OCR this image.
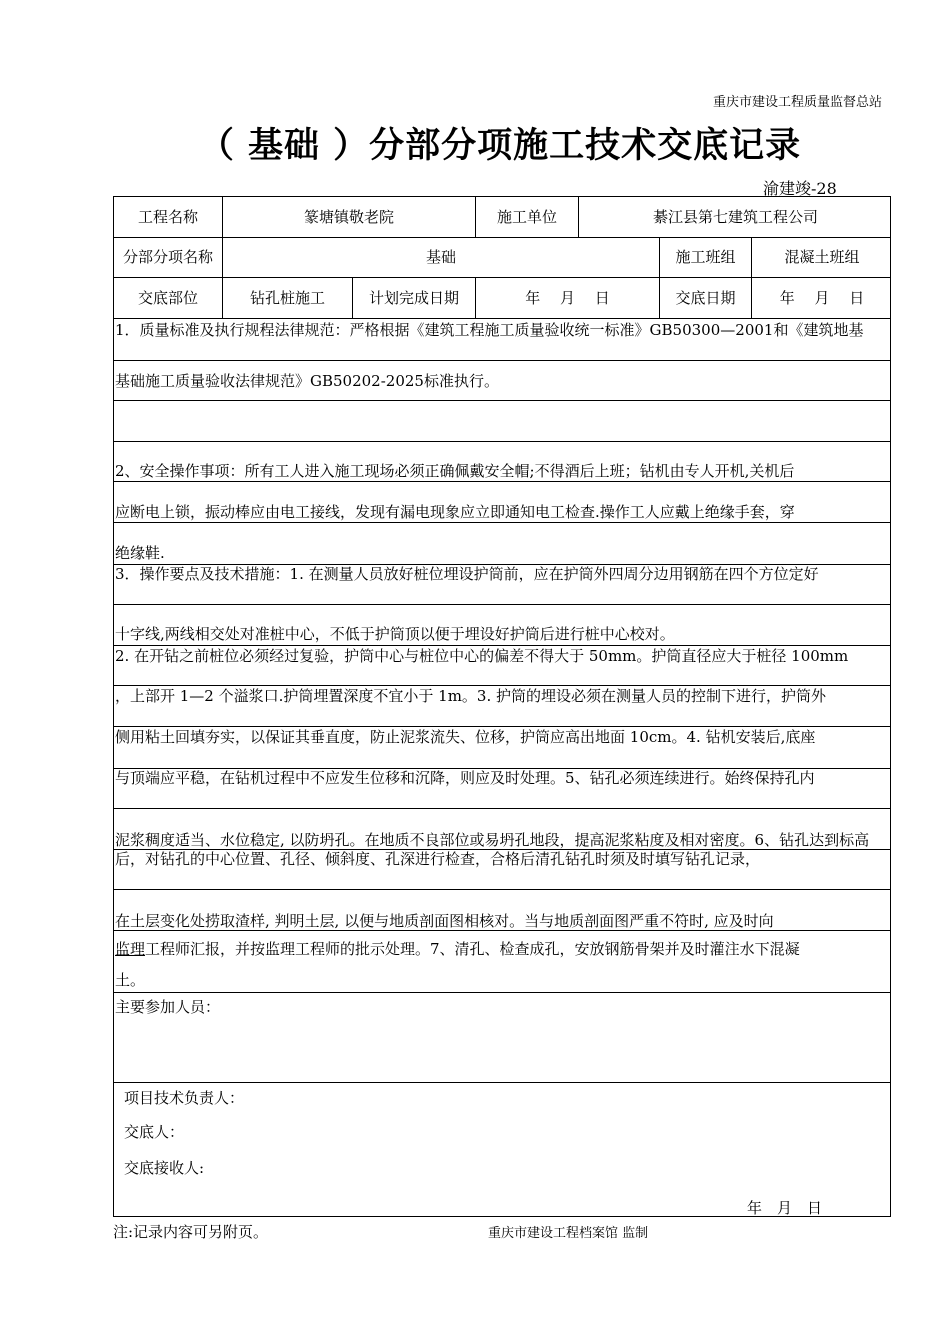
重庆市建设工程质量监督总站
（ 基础 ）分部分项施工技术交底记录
渝建竣-28
工程名称	篆塘镇敬老院	施工单位	綦江县第七建筑工程公司
分部分项名称	基础	施工班组	混凝土班组
交底部位	钻孔桩施工	计划完成日期	年　 月　 日	交底日期	年　 月　 日
1．质量标准及执行规程法律规范：严格根据《建筑工程施工质量验收统一标准》GB50300—2001和《建筑地基
基础施工质量验收法律规范》GB50202-2025标准执行。
2、安全操作事项：所有工人进入施工现场必须正确佩戴安全帽;不得酒后上班；钻机由专人开机,关机后
应断电上锁，振动棒应由电工接线，发现有漏电现象应立即通知电工检查.操作工人应戴上绝缘手套，穿
绝缘鞋.
3．操作要点及技术措施：1. 在测量人员放好桩位埋设护筒前，应在护筒外四周分边用钢筋在四个方位定好
十字线,两线相交处对准桩中心，不低于护筒顶以便于埋设好护筒后进行桩中心校对。
2. 在开钻之前桩位必须经过复验，护筒中心与桩位中心的偏差不得大于 50mm。护筒直径应大于桩径 100mm
，上部开 1—2 个溢浆口.护筒埋置深度不宜小于 1m。3. 护筒的埋设必须在测量人员的控制下进行，护筒外
侧用粘土回填夯实，以保证其垂直度，防止泥浆流失、位移，护筒应高出地面 10cm。4. 钻机安装后,底座
与顶端应平稳，在钻机过程中不应发生位移和沉降，则应及时处理。5、钻孔必须连续进行。始终保持孔内
泥浆稠度适当、水位稳定, 以防坍孔。在地质不良部位或易坍孔地段，提高泥浆粘度及相对密度。6、钻孔达到标高后，对钻孔的中心位置、孔径、倾斜度、孔深进行检查，合格后清孔钻孔时须及时填写钻孔记录，
在土层变化处捞取渣样, 判明土层, 以便与地质剖面图相核对。当与地质剖面图严重不符时, 应及时向
监理工程师汇报，并按监理工程师的批示处理。7、清孔、检查成孔，安放钢筋骨架并及时灌注水下混凝
土。
主要参加人员：
项目技术负责人：
交底人：
交底接收人:
年　月　日
注:记录内容可另附页。	重庆市建设工程档案馆 监制
